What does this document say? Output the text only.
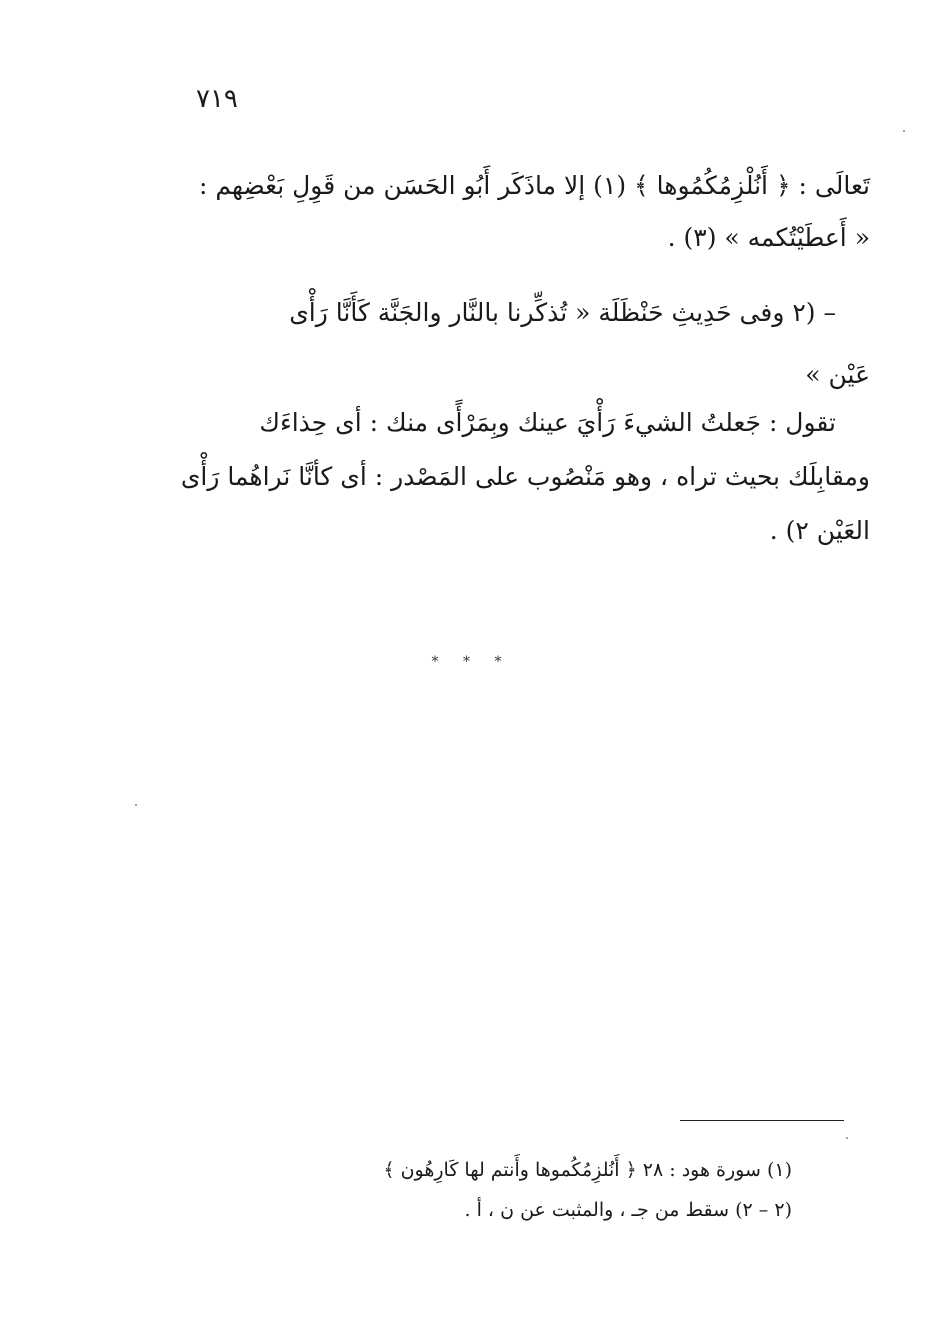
٧١٩
تَعالَى : ﴿ أَنُلْزِمُكُمُوها ﴾ (١) إلا ماذَكَر أَبُو الحَسَن من قَوِلِ بَعْضِهم :
« أَعطَيْتُكمه » (٣) .
– (٢ وفى حَدِيثِ حَنْظَلَة « تُذكِّرنا بالنَّار والجَنَّة كَأَنَّا رَأْى
عَيْن »
تقول : جَعلتُ الشيءَ رَأْيَ عينك وبِمَرْأًى منك : أى حِذاءَك
ومقابِلَك بحيث تراه ، وهو مَنْصُوب على المَصْدر : أى كأنَّا نَراهُما رَأْى
العَيْن ٢) .
* * *
(١) سورة هود : ٢٨ ﴿ أَنُلزِمُكُموها وأَنتم لها كَارِهُون ﴾
(٢ – ٢) سقط من جـ ، والمثبت عن ن ، أ .
